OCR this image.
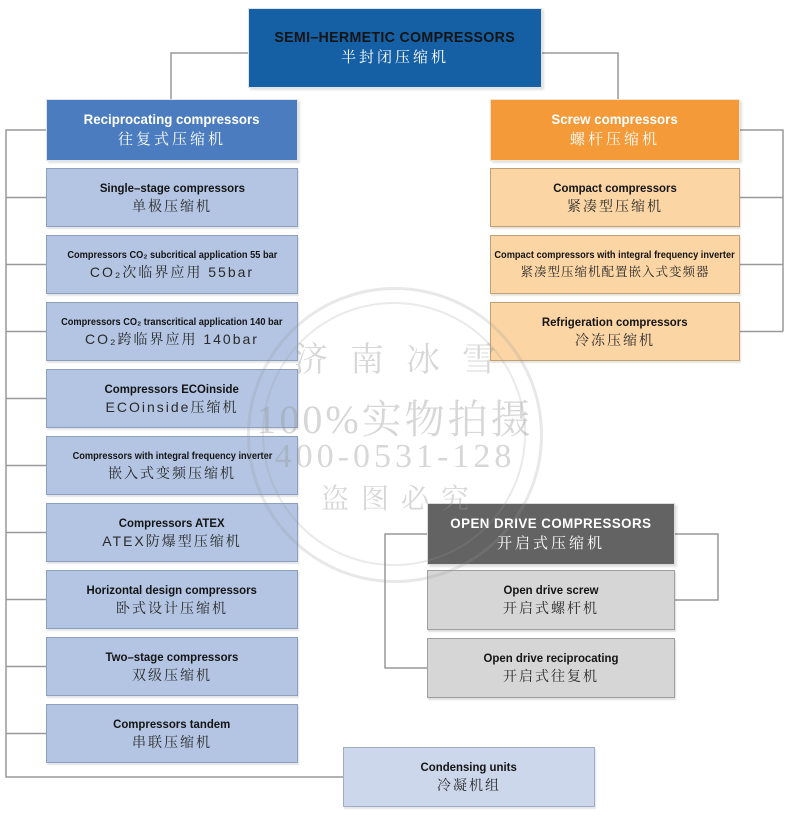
SEMI–HERMETIC COMPRESSORS
半封闭压缩机
Reciprocating compressors
往复式压缩机
Single–stage compressors
单极压缩机
Compressors CO₂ subcritical application 55 bar
CO₂次临界应用 55bar
Compressors CO₂ transcritical application 140 bar
CO₂跨临界应用 140bar
Compressors ECOinside
ECOinside压缩机
Compressors with integral frequency inverter
嵌入式变频压缩机
Compressors ATEX
ATEX防爆型压缩机
Horizontal design compressors
卧式设计压缩机
Two–stage compressors
双级压缩机
Compressors tandem
串联压缩机
Screw compressors
螺杆压缩机
Compact compressors
紧凑型压缩机
Compact compressors with integral frequency inverter
紧凑型压缩机配置嵌入式变频器
Refrigeration compressors
冷冻压缩机
OPEN DRIVE COMPRESSORS
开启式压缩机
Open drive screw
开启式螺杆机
Open drive reciprocating
开启式往复机
Condensing units
冷凝机组
济南冰雪
100%实物拍摄
400-0531-128
盗图必究
